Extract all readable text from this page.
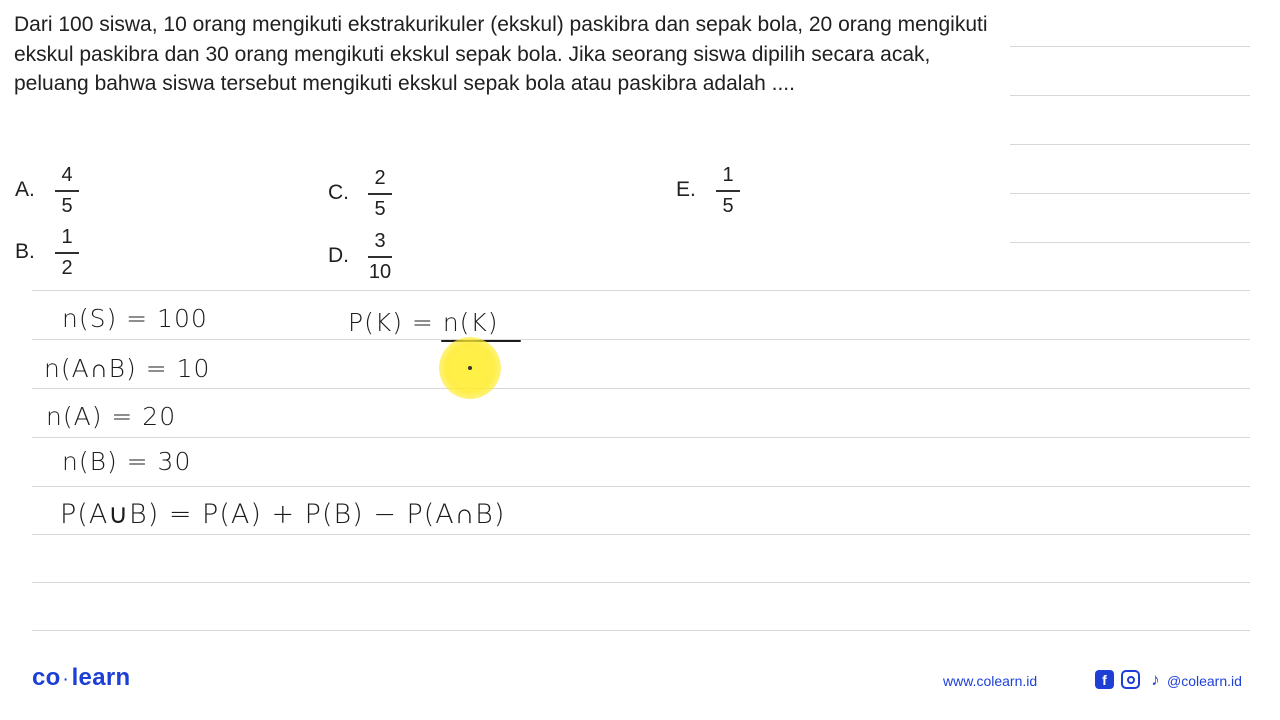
Dari 100 siswa, 10 orang mengikuti ekstrakurikuler (ekskul) paskibra dan sepak bola, 20 orang mengikuti ekskul paskibra dan 30 orang mengikuti ekskul sepak bola. Jika seorang siswa dipilih secara acak, peluang bahwa siswa tersebut mengikuti ekskul sepak bola atau paskibra adalah ....
A.	$\frac{4}{5}$
B.	$\frac{1}{2}$
C. $\frac{2}{5}$
D. $\frac{3}{10}$
E.	$\frac{1}{5}$
n(S) = 100
n(A∩B) = 10
n(A) = 20
n(B) = 30
P(A∪B) = P(A) + P(B) − P(A∩B)
P(K) = n(K)
co · learn	www.colearn.id	f	♪ @colearn.id
